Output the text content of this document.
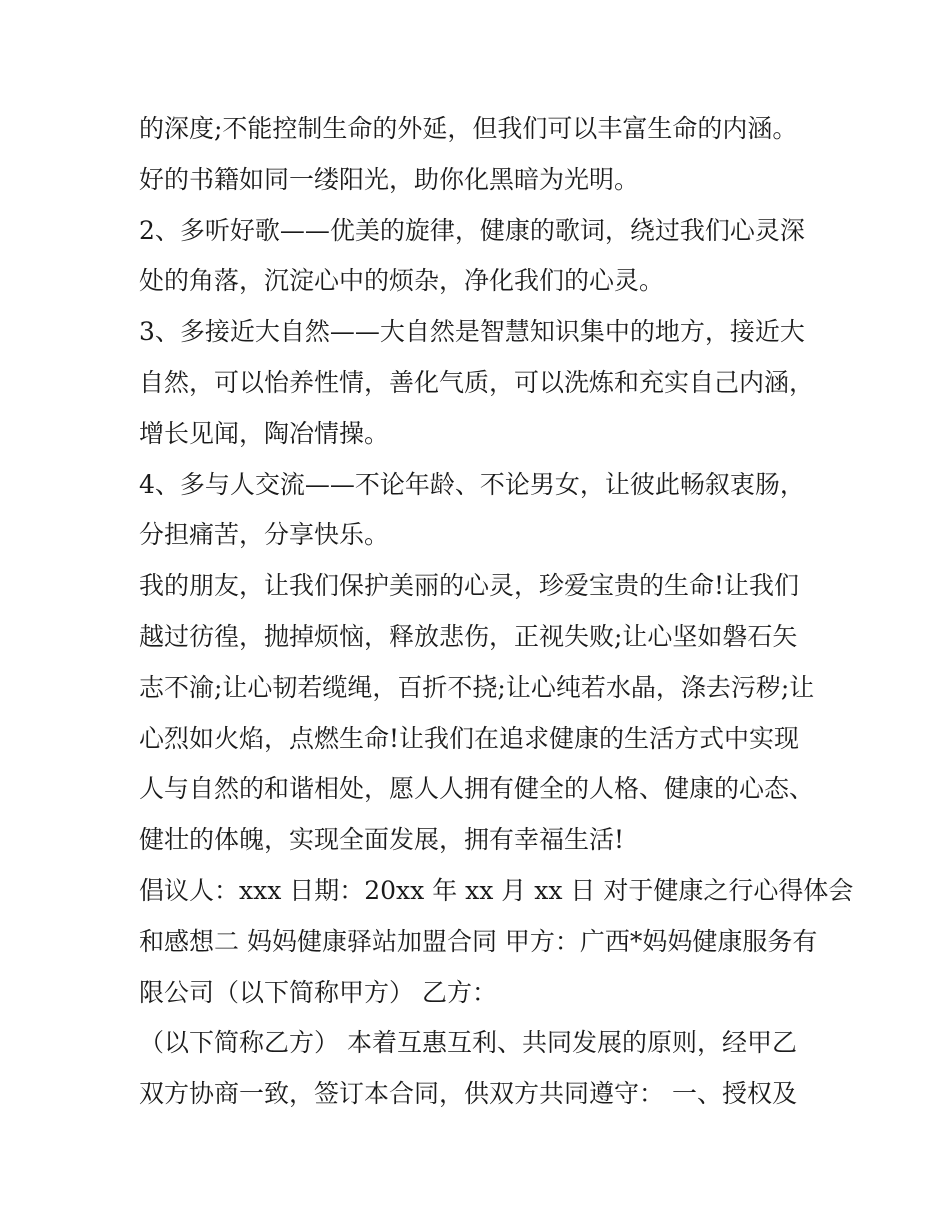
的深度;不能控制生命的外延，但我们可以丰富生命的内涵。
好的书籍如同一缕阳光，助你化黑暗为光明。
2、多听好歌——优美的旋律，健康的歌词，绕过我们心灵深
处的角落，沉淀心中的烦杂，净化我们的心灵。
3、多接近大自然——大自然是智慧知识集中的地方，接近大
自然，可以怡养性情，善化气质，可以洗炼和充实自己内涵，
增长见闻，陶冶情操。
4、多与人交流——不论年龄、不论男女，让彼此畅叙衷肠，
分担痛苦，分享快乐。
我的朋友，让我们保护美丽的心灵，珍爱宝贵的生命!让我们
越过彷徨，抛掉烦恼，释放悲伤，正视失败;让心坚如磐石矢
志不渝;让心韧若缆绳，百折不挠;让心纯若水晶，涤去污秽;让
心烈如火焰，点燃生命!让我们在追求健康的生活方式中实现
人与自然的和谐相处，愿人人拥有健全的人格、健康的心态、
健壮的体魄，实现全面发展，拥有幸福生活!
倡议人：xxx 日期：20xx 年 xx 月 xx 日 对于健康之行心得体会
和感想二 妈妈健康驿站加盟合同 甲方：广西*妈妈健康服务有
限公司（以下简称甲方） 乙方：
（以下简称乙方） 本着互惠互利、共同发展的原则，经甲乙
双方协商一致，签订本合同，供双方共同遵守： 一、授权及
